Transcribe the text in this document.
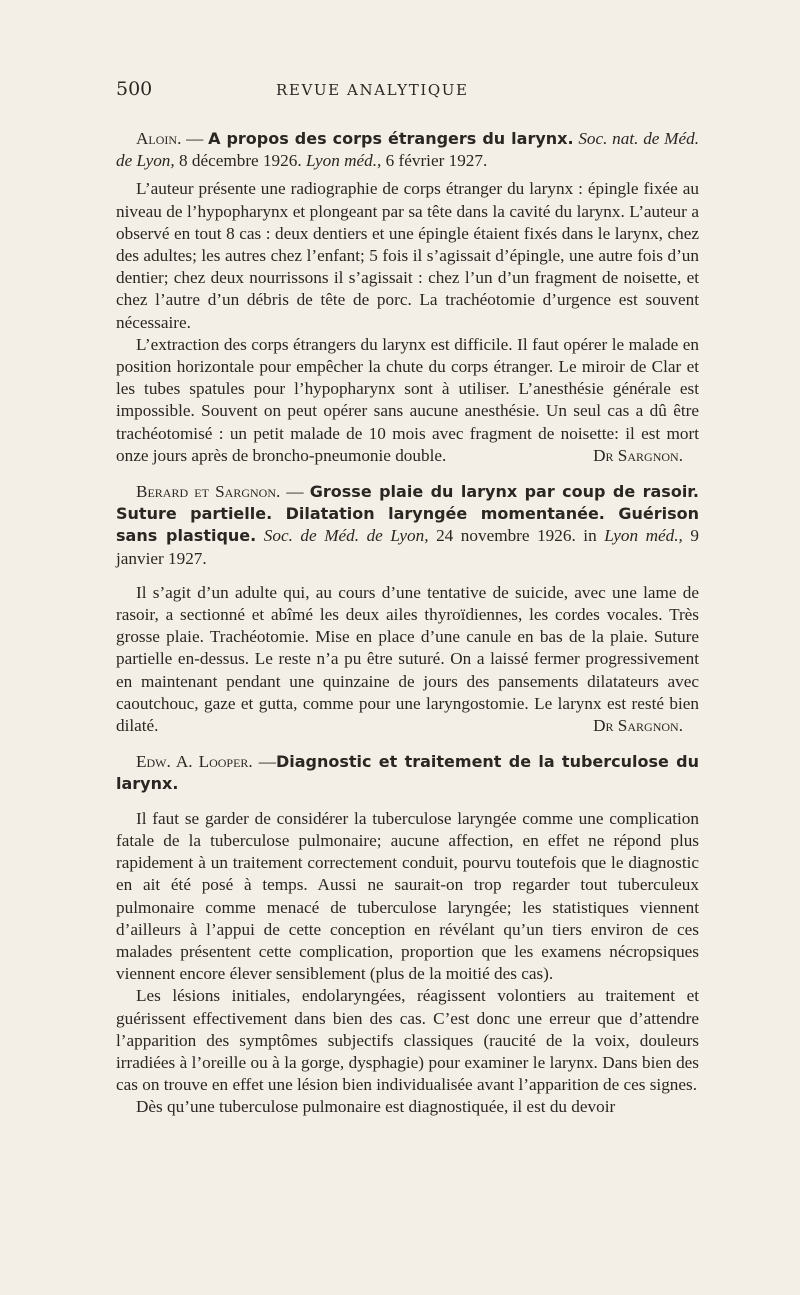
500	REVUE ANALYTIQUE

Aloin. — A propos des corps étrangers du larynx. Soc. nat. de Méd. de Lyon, 8 décembre 1926. Lyon méd., 6 février 1927.

L’auteur présente une radiographie de corps étranger du larynx : épingle fixée au niveau de l’hypopharynx et plongeant par sa tête dans la cavité du larynx. L’auteur a observé en tout 8 cas : deux dentiers et une épingle étaient fixés dans le larynx, chez des adultes; les autres chez l’enfant; 5 fois il s’agissait d’épingle, une autre fois d’un dentier; chez deux nourrissons il s’agissait : chez l’un d’un fragment de noisette, et chez l’autre d’un débris de tête de porc. La trachéotomie d’urgence est souvent nécessaire.

L’extraction des corps étrangers du larynx est difficile. Il faut opérer le malade en position horizontale pour empêcher la chute du corps étranger. Le miroir de Clar et les tubes spatules pour l’hypopharynx sont à utiliser. L’anesthésie générale est impossible. Souvent on peut opérer sans aucune anesthésie. Un seul cas a dû être trachéotomisé : un petit malade de 10 mois avec fragment de noisette: il est mort onze jours après de broncho-pneumonie double.	Dr Sargnon.

Berard et Sargnon. — Grosse plaie du larynx par coup de rasoir. Suture partielle. Dilatation laryngée momentanée. Guérison sans plastique. Soc. de Méd. de Lyon, 24 novembre 1926. in Lyon méd., 9 janvier 1927.

Il s’agit d’un adulte qui, au cours d’une tentative de suicide, avec une lame de rasoir, a sectionné et abîmé les deux ailes thyroïdiennes, les cordes vocales. Très grosse plaie. Trachéotomie. Mise en place d’une canule en bas de la plaie. Suture partielle en-dessus. Le reste n’a pu être suturé. On a laissé fermer progressivement en maintenant pendant une quinzaine de jours des pansements dilatateurs avec caoutchouc, gaze et gutta, comme pour une laryngostomie. Le larynx est resté bien dilaté.	Dr Sargnon.

Edw. A. Looper. —Diagnostic et traitement de la tuberculose du larynx.

Il faut se garder de considérer la tuberculose laryngée comme une complication fatale de la tuberculose pulmonaire; aucune affection, en effet ne répond plus rapidement à un traitement correctement conduit, pourvu toutefois que le diagnostic en ait été posé à temps. Aussi ne saurait-on trop regarder tout tuberculeux pulmonaire comme menacé de tuberculose laryngée; les statistiques viennent d’ailleurs à l’appui de cette conception en révélant qu’un tiers environ de ces malades présentent cette complication, proportion que les examens nécropsiques viennent encore élever sensiblement (plus de la moitié des cas).

Les lésions initiales, endolaryngées, réagissent volontiers au traitement et guérissent effectivement dans bien des cas. C’est donc une erreur que d’attendre l’apparition des symptômes subjectifs classiques (raucité de la voix, douleurs irradiées à l’oreille ou à la gorge, dysphagie) pour examiner le larynx. Dans bien des cas on trouve en effet une lésion bien individualisée avant l’apparition de ces signes.

Dès qu’une tuberculose pulmonaire est diagnostiquée, il est du devoir
